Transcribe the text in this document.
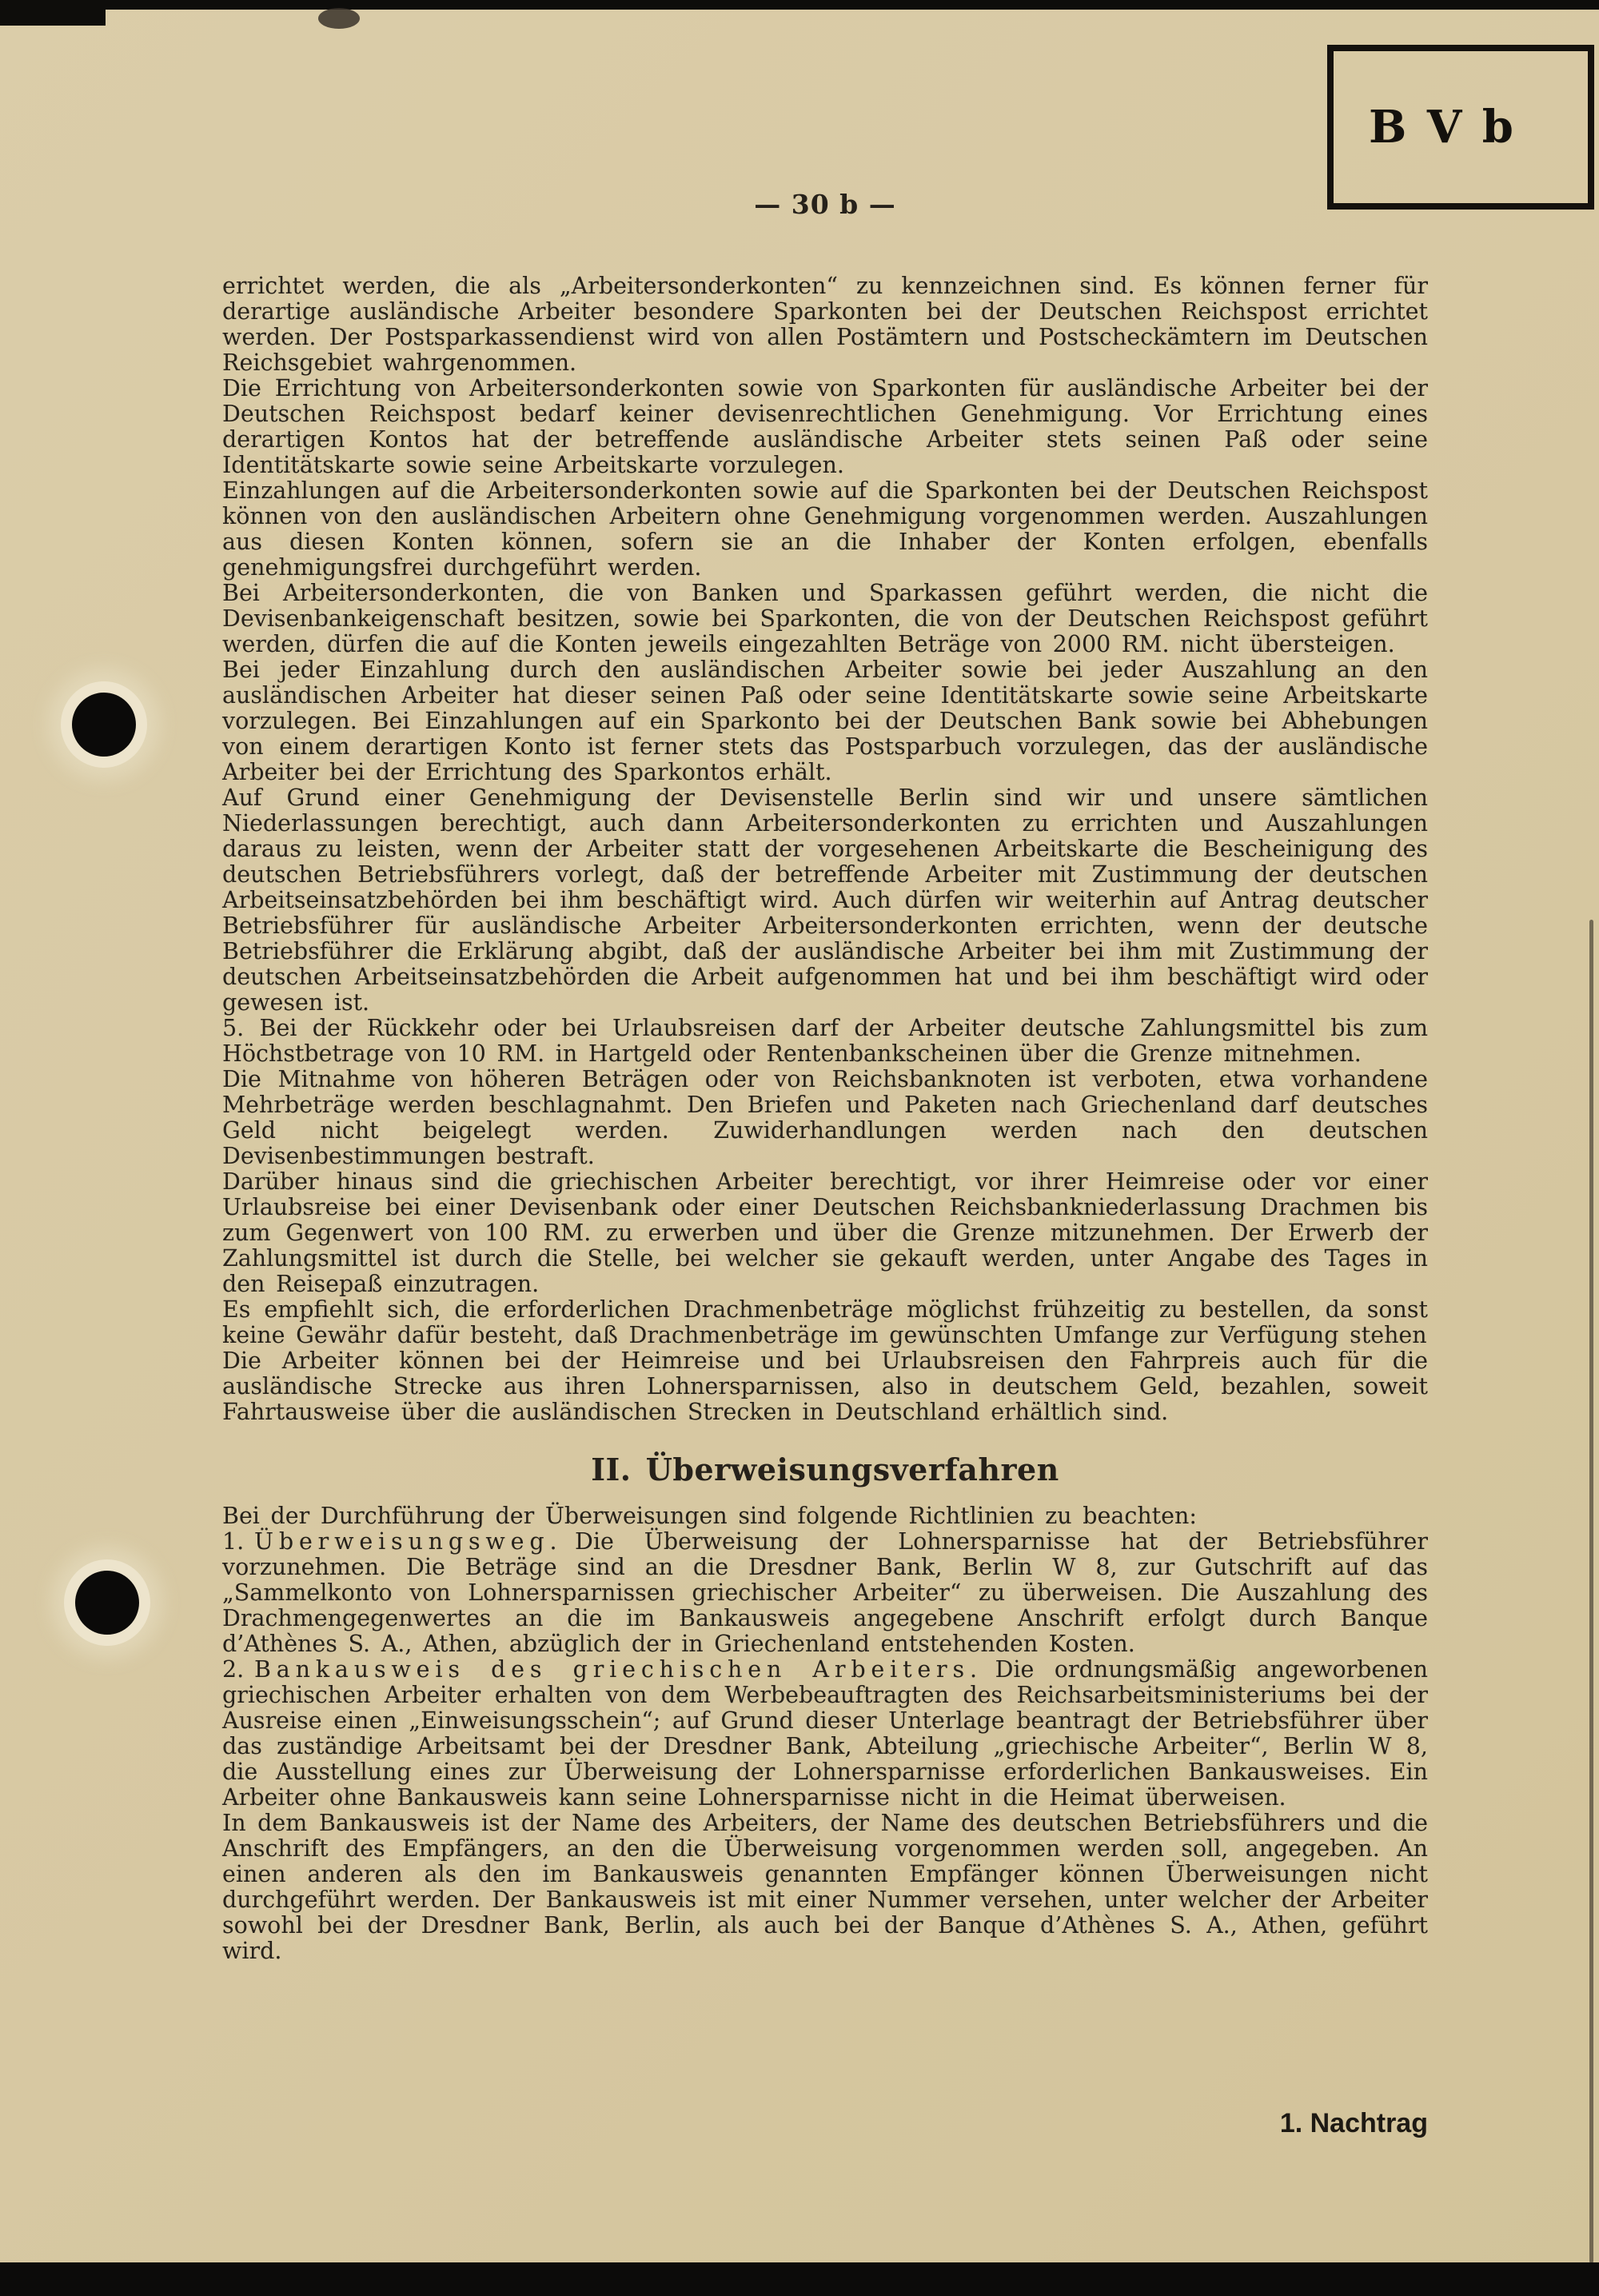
B V b
— 30 b —

errichtet werden, die als „Arbeitersonderkonten“ zu kennzeichnen sind. Es können ferner für derartige ausländische Arbeiter besondere Sparkonten bei der Deutschen Reichspost errichtet werden. Der Postsparkassendienst wird von allen Postämtern und Postscheckämtern im Deutschen Reichsgebiet wahrgenommen.

Die Errichtung von Arbeitersonderkonten sowie von Sparkonten für ausländische Arbeiter bei der Deutschen Reichspost bedarf keiner devisenrechtlichen Genehmigung. Vor Errichtung eines derartigen Kontos hat der betreffende ausländische Arbeiter stets seinen Paß oder seine Identitätskarte sowie seine Arbeitskarte vorzulegen.

Einzahlungen auf die Arbeitersonderkonten sowie auf die Sparkonten bei der Deutschen Reichspost können von den ausländischen Arbeitern ohne Genehmigung vorgenommen werden. Auszahlungen aus diesen Konten können, sofern sie an die Inhaber der Konten erfolgen, ebenfalls genehmigungsfrei durchgeführt werden.

Bei Arbeitersonderkonten, die von Banken und Sparkassen geführt werden, die nicht die Devisenbankeigenschaft besitzen, sowie bei Sparkonten, die von der Deutschen Reichspost geführt werden, dürfen die auf die Konten jeweils eingezahlten Beträge von 2000 RM. nicht übersteigen.

Bei jeder Einzahlung durch den ausländischen Arbeiter sowie bei jeder Auszahlung an den ausländischen Arbeiter hat dieser seinen Paß oder seine Identitätskarte sowie seine Arbeitskarte vorzulegen. Bei Einzahlungen auf ein Sparkonto bei der Deutschen Bank sowie bei Abhebungen von einem derartigen Konto ist ferner stets das Postsparbuch vorzulegen, das der ausländische Arbeiter bei der Errichtung des Sparkontos erhält.

Auf Grund einer Genehmigung der Devisenstelle Berlin sind wir und unsere sämtlichen Niederlassungen berechtigt, auch dann Arbeitersonderkonten zu errichten und Auszahlungen daraus zu leisten, wenn der Arbeiter statt der vorgesehenen Arbeitskarte die Bescheinigung des deutschen Betriebsführers vorlegt, daß der betreffende Arbeiter mit Zustimmung der deutschen Arbeitseinsatzbehörden bei ihm beschäftigt wird. Auch dürfen wir weiterhin auf Antrag deutscher Betriebsführer für ausländische Arbeiter Arbeitersonderkonten errichten, wenn der deutsche Betriebsführer die Erklärung abgibt, daß der ausländische Arbeiter bei ihm mit Zustimmung der deutschen Arbeitseinsatzbehörden die Arbeit aufgenommen hat und bei ihm beschäftigt wird oder gewesen ist.

5. Bei der Rückkehr oder bei Urlaubsreisen darf der Arbeiter deutsche Zahlungsmittel bis zum Höchstbetrage von 10 RM. in Hartgeld oder Rentenbankscheinen über die Grenze mitnehmen.

Die Mitnahme von höheren Beträgen oder von Reichsbanknoten ist verboten, etwa vorhandene Mehrbeträge werden beschlagnahmt. Den Briefen und Paketen nach Griechenland darf deutsches Geld nicht beigelegt werden. Zuwiderhandlungen werden nach den deutschen Devisenbestimmungen bestraft.

Darüber hinaus sind die griechischen Arbeiter berechtigt, vor ihrer Heimreise oder vor einer Urlaubsreise bei einer Devisenbank oder einer Deutschen Reichsbankniederlassung Drachmen bis zum Gegenwert von 100 RM. zu erwerben und über die Grenze mitzunehmen. Der Erwerb der Zahlungsmittel ist durch die Stelle, bei welcher sie gekauft werden, unter Angabe des Tages in den Reisepaß einzutragen.

Es empfiehlt sich, die erforderlichen Drachmenbeträge möglichst frühzeitig zu bestellen, da sonst keine Gewähr dafür besteht, daß Drachmenbeträge im gewünschten Umfange zur Verfügung stehen

Die Arbeiter können bei der Heimreise und bei Urlaubsreisen den Fahrpreis auch für die ausländische Strecke aus ihren Lohnersparnissen, also in deutschem Geld, bezahlen, soweit Fahrtausweise über die ausländischen Strecken in Deutschland erhältlich sind.

II. Überweisungsverfahren

Bei der Durchführung der Überweisungen sind folgende Richtlinien zu beachten:

1. Überweisungsweg. Die Überweisung der Lohnersparnisse hat der Betriebsführer vorzunehmen. Die Beträge sind an die Dresdner Bank, Berlin W 8, zur Gutschrift auf das „Sammelkonto von Lohnersparnissen griechischer Arbeiter“ zu überweisen. Die Auszahlung des Drachmengegenwertes an die im Bankausweis angegebene Anschrift erfolgt durch Banque d’Athènes S. A., Athen, abzüglich der in Griechenland entstehenden Kosten.

2. Bankausweis des griechischen Arbeiters. Die ordnungsmäßig angeworbenen griechischen Arbeiter erhalten von dem Werbebeauftragten des Reichsarbeitsministeriums bei der Ausreise einen „Einweisungsschein“; auf Grund dieser Unterlage beantragt der Betriebsführer über das zuständige Arbeitsamt bei der Dresdner Bank, Abteilung „griechische Arbeiter“, Berlin W 8, die Ausstellung eines zur Überweisung der Lohnersparnisse erforderlichen Bankausweises. Ein Arbeiter ohne Bankausweis kann seine Lohnersparnisse nicht in die Heimat überweisen.

In dem Bankausweis ist der Name des Arbeiters, der Name des deutschen Betriebsführers und die Anschrift des Empfängers, an den die Überweisung vorgenommen werden soll, angegeben. An einen anderen als den im Bankausweis genannten Empfänger können Überweisungen nicht durchgeführt werden. Der Bankausweis ist mit einer Nummer versehen, unter welcher der Arbeiter sowohl bei der Dresdner Bank, Berlin, als auch bei der Banque d’Athènes S. A., Athen, geführt wird.

1. Nachtrag
